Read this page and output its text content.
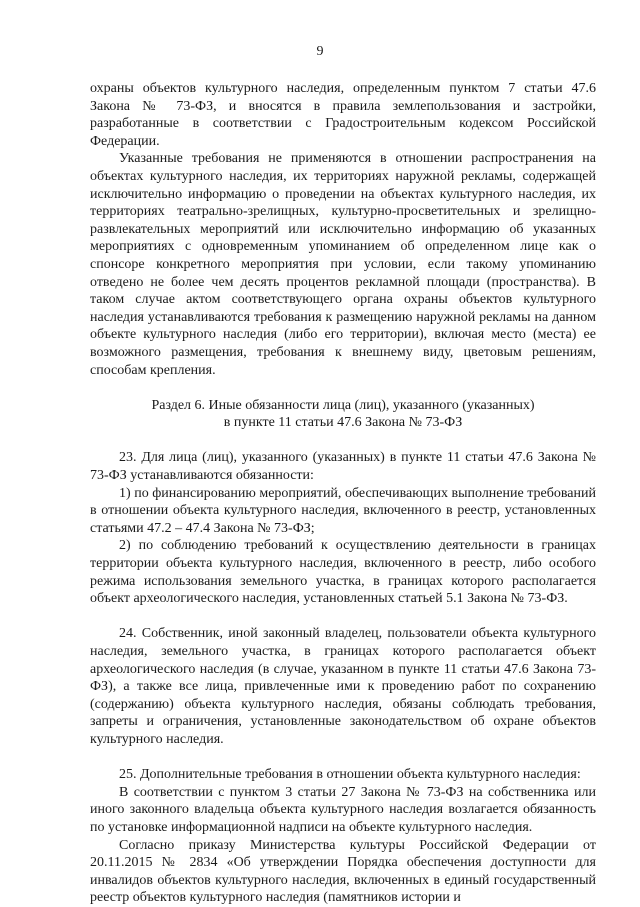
9

охраны объектов культурного наследия, определенным пунктом 7 статьи 47.6 Закона № 73-ФЗ, и вносятся в правила землепользования и застройки, разработанные в соответствии с Градостроительным кодексом Российской Федерации.

Указанные требования не применяются в отношении распространения на объектах культурного наследия, их территориях наружной рекламы, содержащей исключительно информацию о проведении на объектах культурного наследия, их территориях театрально-зрелищных, культурно-просветительных и зрелищно-развлекательных мероприятий или исключительно информацию об указанных мероприятиях с одновременным упоминанием об определенном лице как о спонсоре конкретного мероприятия при условии, если такому упоминанию отведено не более чем десять процентов рекламной площади (пространства). В таком случае актом соответствующего органа охраны объектов культурного наследия устанавливаются требования к размещению наружной рекламы на данном объекте культурного наследия (либо его территории), включая место (места) ее возможного размещения, требования к внешнему виду, цветовым решениям, способам крепления.

Раздел 6. Иные обязанности лица (лиц), указанного (указанных)

в пункте 11 статьи 47.6 Закона № 73-ФЗ

23. Для лица (лиц), указанного (указанных) в пункте 11 статьи 47.6 Закона № 73-ФЗ устанавливаются обязанности:

1) по финансированию мероприятий, обеспечивающих выполнение требований в отношении объекта культурного наследия, включенного в реестр, установленных статьями 47.2 – 47.4 Закона № 73-ФЗ;

2) по соблюдению требований к осуществлению деятельности в границах территории объекта культурного наследия, включенного в реестр, либо особого режима использования земельного участка, в границах которого располагается объект археологического наследия, установленных статьей 5.1 Закона № 73-ФЗ.

24. Собственник, иной законный владелец, пользователи объекта культурного наследия, земельного участка, в границах которого располагается объект археологического наследия (в случае, указанном в пункте 11 статьи 47.6 Закона 73-ФЗ), а также все лица, привлеченные ими к проведению работ по сохранению (содержанию) объекта культурного наследия, обязаны соблюдать требования, запреты и ограничения, установленные законодательством об охране объектов культурного наследия.

25. Дополнительные требования в отношении объекта культурного наследия:

В соответствии с пунктом 3 статьи 27 Закона № 73-ФЗ на собственника или иного законного владельца объекта культурного наследия возлагается обязанность по установке информационной надписи на объекте культурного наследия.

Согласно приказу Министерства культуры Российской Федерации от 20.11.2015 № 2834 «Об утверждении Порядка обеспечения доступности для инвалидов объектов культурного наследия, включенных в единый государственный реестр объектов культурного наследия (памятников истории и
